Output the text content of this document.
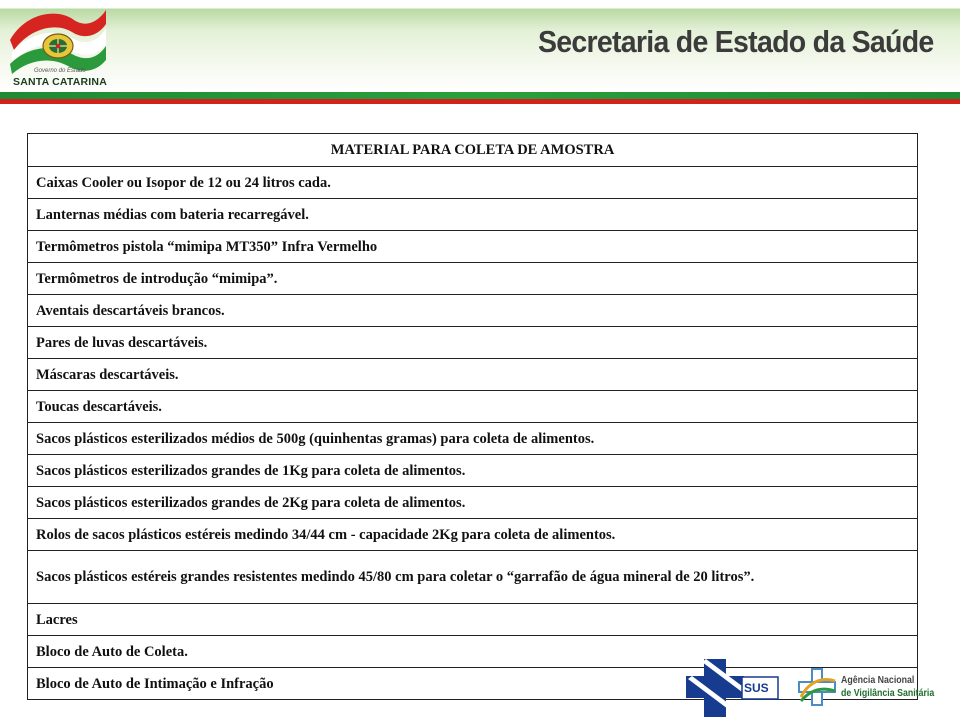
Governo do Estado
SANTA CATARINA
Secretaria de Estado da Saúde
MATERIAL PARA COLETA DE AMOSTRA
Caixas Cooler ou Isopor de 12 ou 24 litros cada.
Lanternas médias com bateria recarregável.
Termômetros pistola “mimipa MT350” Infra Vermelho
Termômetros de introdução “mimipa”.
Aventais descartáveis brancos.
Pares de luvas descartáveis.
Máscaras descartáveis.
Toucas descartáveis.
Sacos plásticos esterilizados médios de 500g (quinhentas gramas) para coleta de alimentos.
Sacos plásticos esterilizados grandes de 1Kg para coleta de alimentos.
Sacos plásticos esterilizados grandes de 2Kg para coleta de alimentos.
Rolos de sacos plásticos estéreis medindo 34/44 cm - capacidade 2Kg para coleta de alimentos.
Sacos plásticos estéreis grandes resistentes medindo 45/80 cm para coletar o “garrafão de água mineral de 20 litros”.
Lacres
Bloco de Auto de Coleta.
Bloco de Auto de Intimação e Infração	SUS
Agência Nacional
de Vigilância Sanitária
